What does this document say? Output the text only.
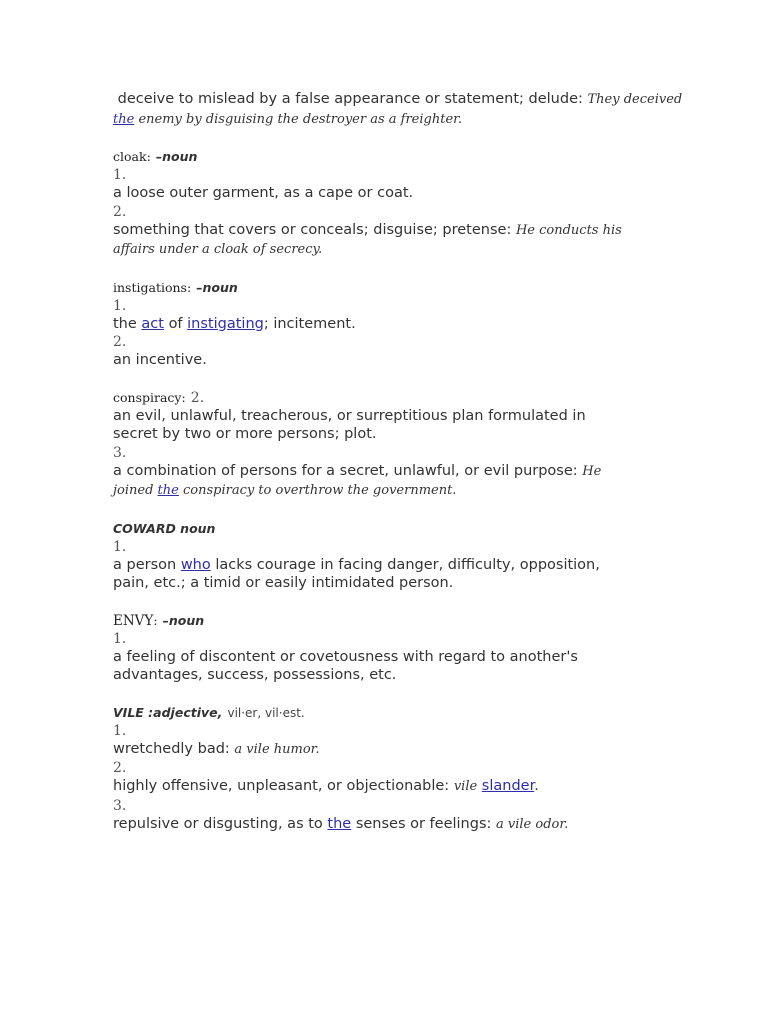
deceive to mislead by a false appearance or statement; delude: They deceived
the enemy by disguising the destroyer as a freighter.
cloak: –noun
1.
a loose outer garment, as a cape or coat.
2.
something that covers or conceals; disguise; pretense: He conducts his
affairs under a cloak of secrecy.
instigations: –noun
1.
the act of instigating; incitement.
2.
an incentive.
conspiracy: 2.
an evil, unlawful, treacherous, or surreptitious plan formulated in
secret by two or more persons; plot.
3.
a combination of persons for a secret, unlawful, or evil purpose: He
joined the conspiracy to overthrow the government.
COWARD noun
1.
a person who lacks courage in facing danger, difficulty, opposition,
pain, etc.; a timid or easily intimidated person.
ENVY: –noun
1.
a feeling of discontent or covetousness with regard to another's
advantages, success, possessions, etc.
VILE :adjective, vil·er, vil·est.
1.
wretchedly bad: a vile humor.
2.
highly offensive, unpleasant, or objectionable: vile slander.
3.
repulsive or disgusting, as to the senses or feelings: a vile odor.
